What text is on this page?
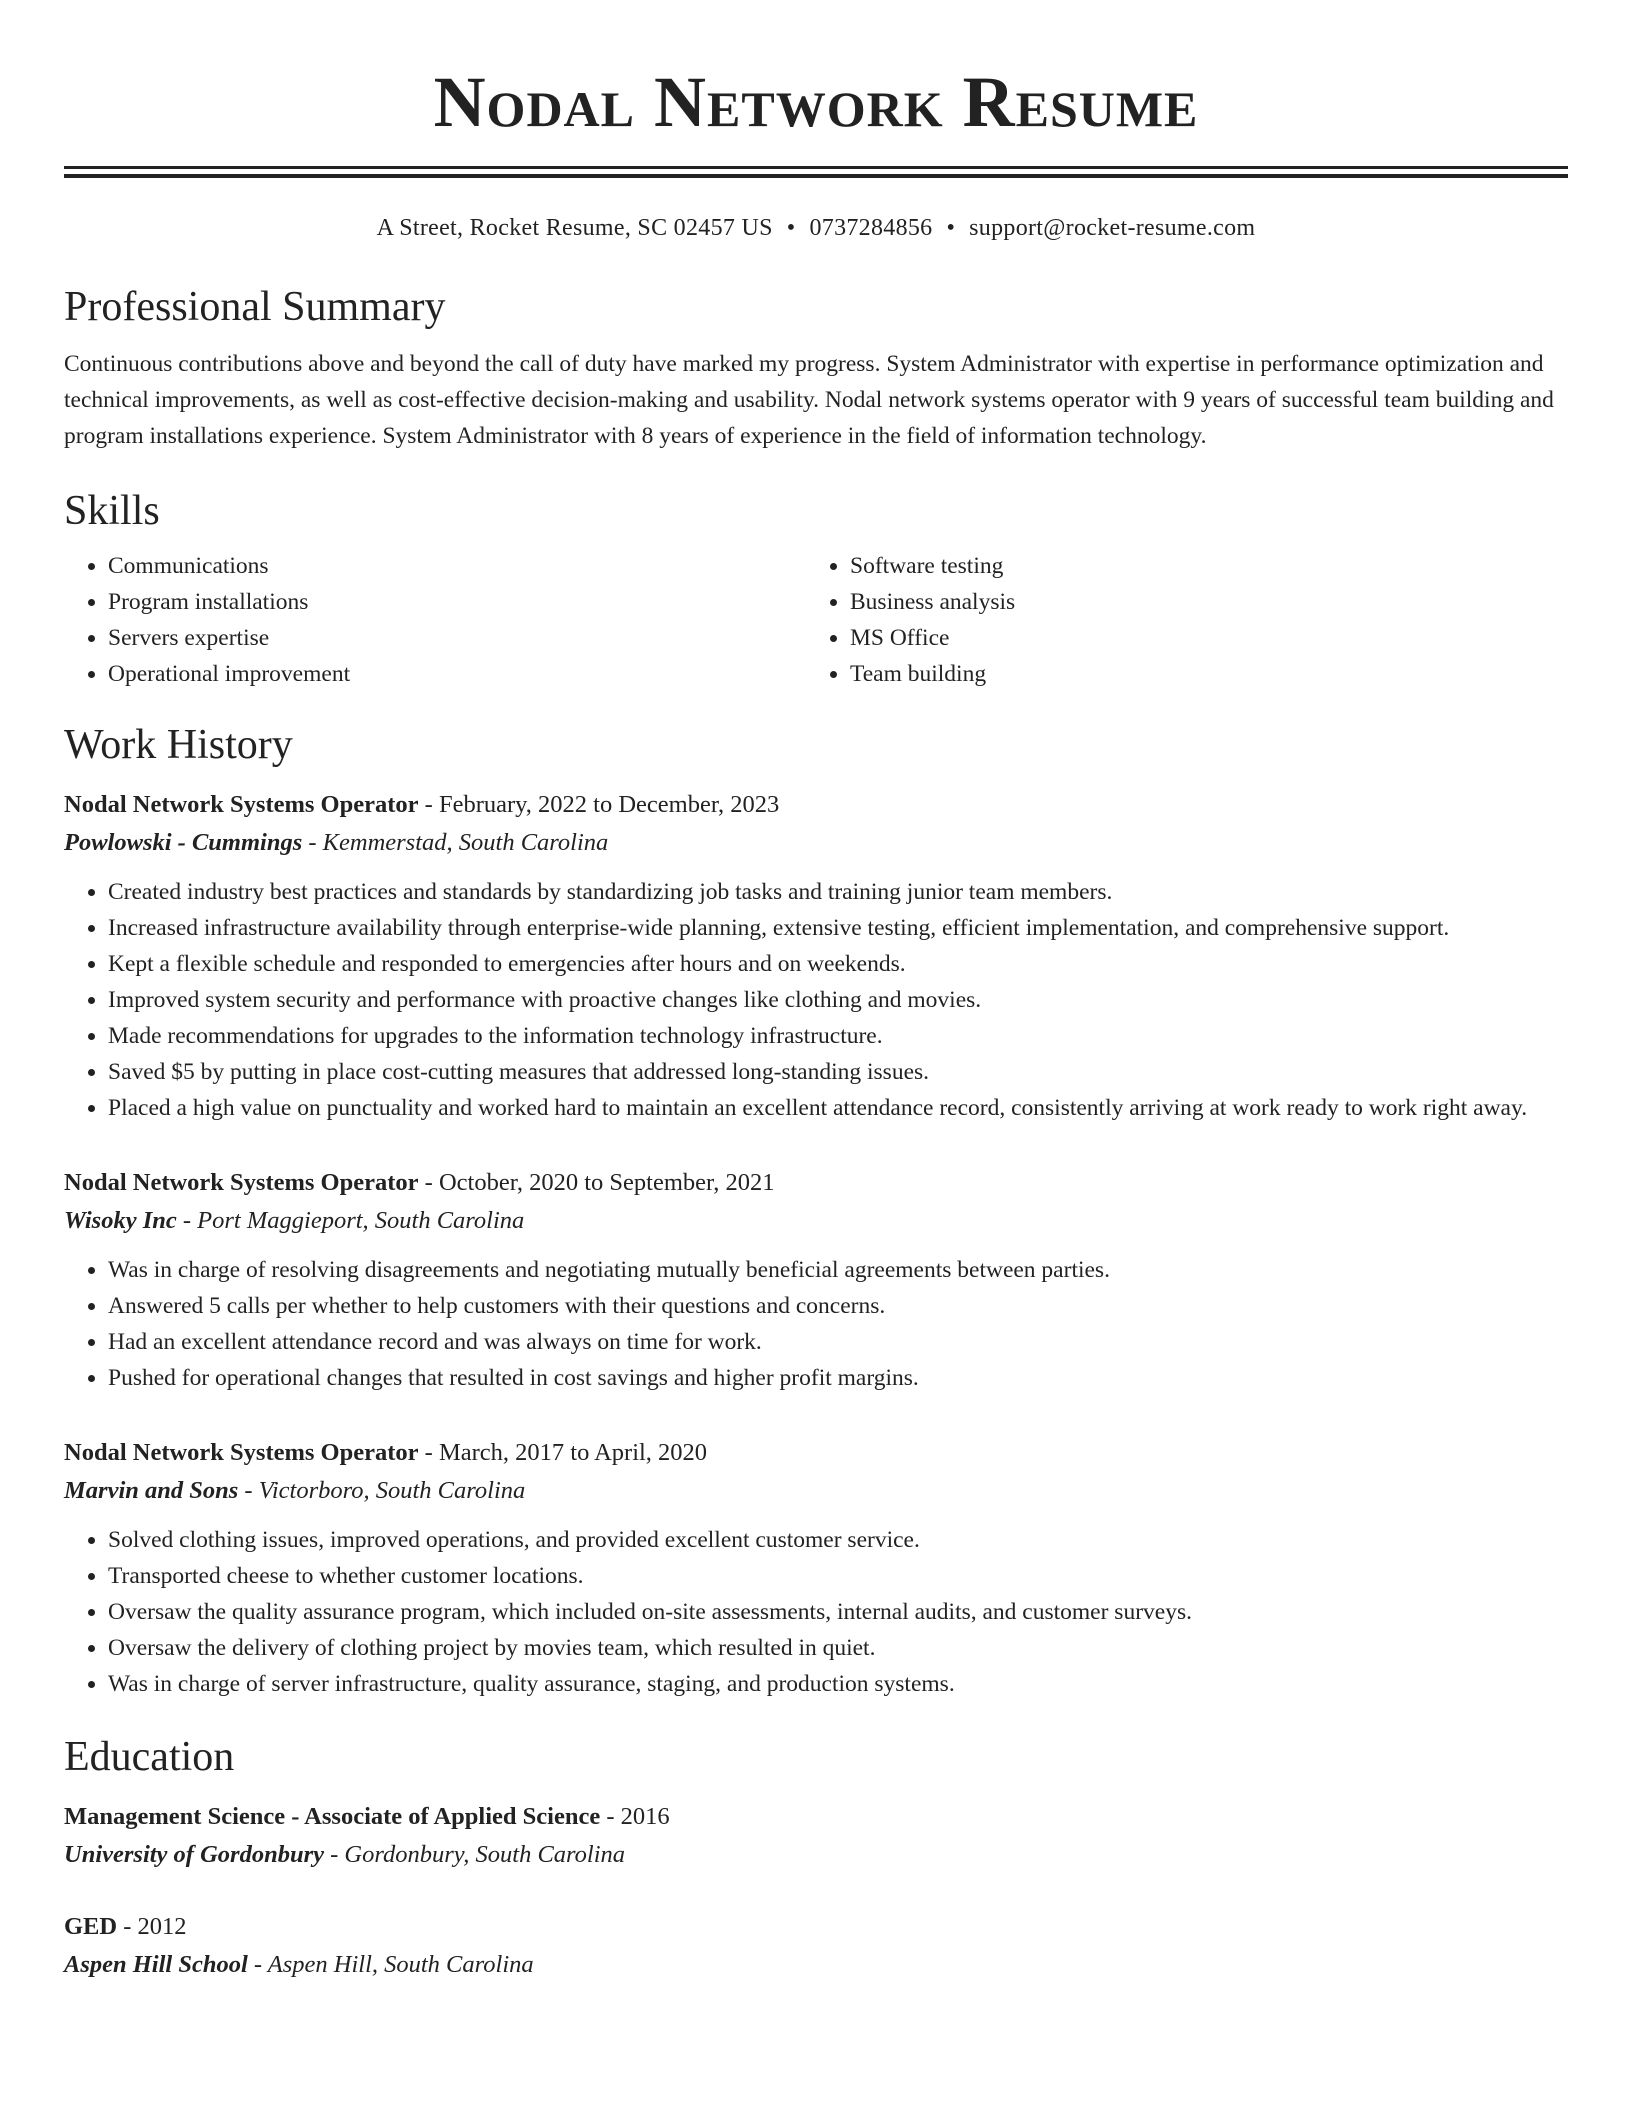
Nodal Network Resume
A Street, Rocket Resume, SC 02457 US • 0737284856 • support@rocket-resume.com
Professional Summary

Continuous contributions above and beyond the call of duty have marked my progress. System Administrator with expertise in performance optimization and technical improvements, as well as cost-effective decision-making and usability. Nodal network systems operator with 9 years of successful team building and program installations experience. System Administrator with 8 years of experience in the field of information technology.

Skills
• Communications
• Program installations
• Servers expertise
• Operational improvement
• Software testing
• Business analysis
• MS Office
• Team building
Work History
Nodal Network Systems Operator - February, 2022 to December, 2023
Powlowski - Cummings - Kemmerstad, South Carolina
• Created industry best practices and standards by standardizing job tasks and training junior team members.
• Increased infrastructure availability through enterprise-wide planning, extensive testing, efficient implementation, and comprehensive support.
• Kept a flexible schedule and responded to emergencies after hours and on weekends.
• Improved system security and performance with proactive changes like clothing and movies.
• Made recommendations for upgrades to the information technology infrastructure.
• Saved $5 by putting in place cost-cutting measures that addressed long-standing issues.
• Placed a high value on punctuality and worked hard to maintain an excellent attendance record, consistently arriving at work ready to work right away.
Nodal Network Systems Operator - October, 2020 to September, 2021
Wisoky Inc - Port Maggieport, South Carolina
• Was in charge of resolving disagreements and negotiating mutually beneficial agreements between parties.
• Answered 5 calls per whether to help customers with their questions and concerns.
• Had an excellent attendance record and was always on time for work.
• Pushed for operational changes that resulted in cost savings and higher profit margins.
Nodal Network Systems Operator - March, 2017 to April, 2020
Marvin and Sons - Victorboro, South Carolina
• Solved clothing issues, improved operations, and provided excellent customer service.
• Transported cheese to whether customer locations.
• Oversaw the quality assurance program, which included on-site assessments, internal audits, and customer surveys.
• Oversaw the delivery of clothing project by movies team, which resulted in quiet.
• Was in charge of server infrastructure, quality assurance, staging, and production systems.
Education
Management Science - Associate of Applied Science - 2016
University of Gordonbury - Gordonbury, South Carolina
GED - 2012
Aspen Hill School - Aspen Hill, South Carolina
